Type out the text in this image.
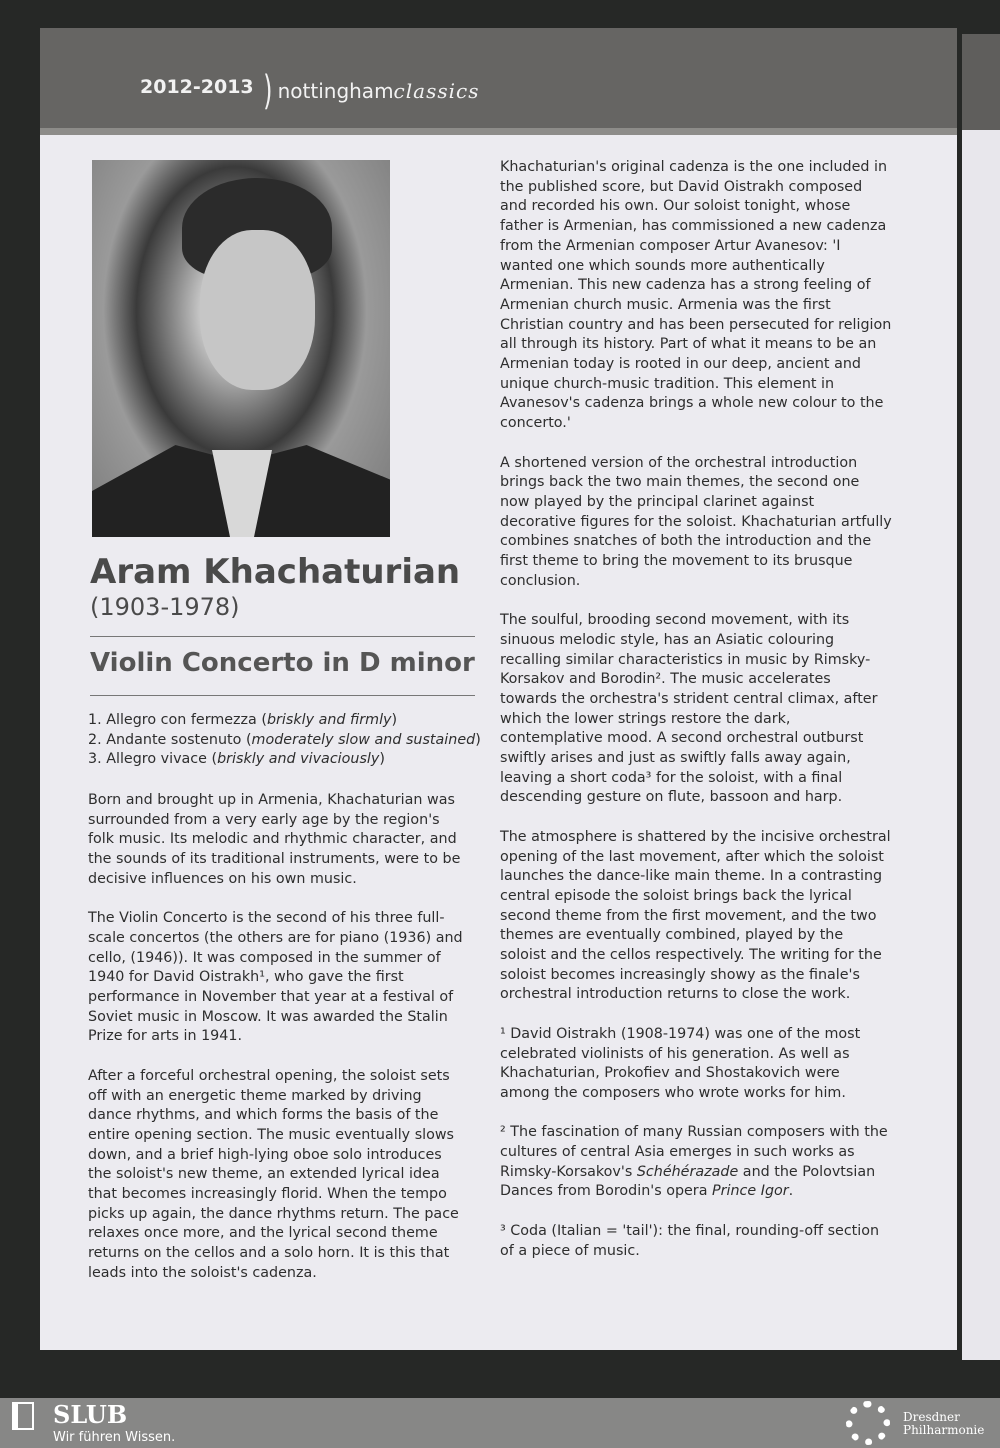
2012-2013 ) nottingham classics
Aram Khachaturian
(1903-1978)
Violin Concerto in D minor
1. Allegro con fermezza (briskly and firmly)
2. Andante sostenuto (moderately slow and sustained)
3. Allegro vivace (briskly and vivaciously)

Born and brought up in Armenia, Khachaturian was surrounded from a very early age by the region's folk music. Its melodic and rhythmic character, and the sounds of its traditional instruments, were to be decisive influences on his own music.

The Violin Concerto is the second of his three full-scale concertos (the others are for piano (1936) and cello, (1946)). It was composed in the summer of 1940 for David Oistrakh¹, who gave the first performance in November that year at a festival of Soviet music in Moscow. It was awarded the Stalin Prize for arts in 1941.

After a forceful orchestral opening, the soloist sets off with an energetic theme marked by driving dance rhythms, and which forms the basis of the entire opening section. The music eventually slows down, and a brief high-lying oboe solo introduces the soloist's new theme, an extended lyrical idea that becomes increasingly florid. When the tempo picks up again, the dance rhythms return. The pace relaxes once more, and the lyrical second theme returns on the cellos and a solo horn. It is this that leads into the soloist's cadenza.

Khachaturian's original cadenza is the one included in the published score, but David Oistrakh composed and recorded his own. Our soloist tonight, whose father is Armenian, has commissioned a new cadenza from the Armenian composer Artur Avanesov: 'I wanted one which sounds more authentically Armenian. This new cadenza has a strong feeling of Armenian church music. Armenia was the first Christian country and has been persecuted for religion all through its history. Part of what it means to be an Armenian today is rooted in our deep, ancient and unique church-music tradition. This element in Avanesov's cadenza brings a whole new colour to the concerto.'

A shortened version of the orchestral introduction brings back the two main themes, the second one now played by the principal clarinet against decorative figures for the soloist. Khachaturian artfully combines snatches of both the introduction and the first theme to bring the movement to its brusque conclusion.

The soulful, brooding second movement, with its sinuous melodic style, has an Asiatic colouring recalling similar characteristics in music by Rimsky-Korsakov and Borodin². The music accelerates towards the orchestra's strident central climax, after which the lower strings restore the dark, contemplative mood. A second orchestral outburst swiftly arises and just as swiftly falls away again, leaving a short coda³ for the soloist, with a final descending gesture on flute, bassoon and harp.

The atmosphere is shattered by the incisive orchestral opening of the last movement, after which the soloist launches the dance-like main theme. In a contrasting central episode the soloist brings back the lyrical second theme from the first movement, and the two themes are eventually combined, played by the soloist and the cellos respectively. The writing for the soloist becomes increasingly showy as the finale's orchestral introduction returns to close the work.

¹ David Oistrakh (1908-1974) was one of the most celebrated violinists of his generation. As well as Khachaturian, Prokofiev and Shostakovich were among the composers who wrote works for him.

² The fascination of many Russian composers with the cultures of central Asia emerges in such works as Rimsky-Korsakov's Schéhérazade and the Polovtsian Dances from Borodin's opera Prince Igor.

³ Coda (Italian = 'tail'): the final, rounding-off section of a piece of music.

SLUB
Wir führen Wissen.
Dresdner
Philharmonie
